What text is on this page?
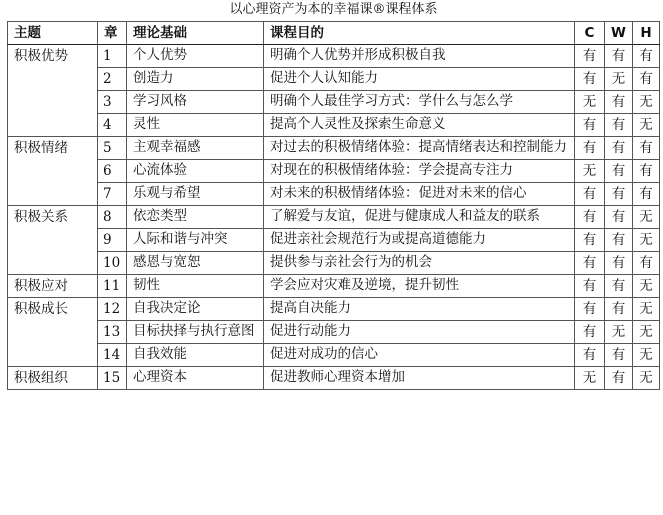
以心理资产为本的幸福课®课程体系
主题	章	理论基础	课程目的	C	W	H
积极优势	1	个人优势	明确个人优势并形成积极自我	有	有	有
	2	创造力	促进个人认知能力	有	无	有
	3	学习风格	明确个人最佳学习方式：学什么与怎么学	无	有	无
	4	灵性	提高个人灵性及探索生命意义	有	有	无
积极情绪	5	主观幸福感	对过去的积极情绪体验：提高情绪表达和控制能力	有	有	有
	6	心流体验	对现在的积极情绪体验：学会提高专注力	无	有	有
	7	乐观与希望	对未来的积极情绪体验：促进对未来的信心	有	有	有
积极关系	8	依恋类型	了解爱与友谊，促进与健康成人和益友的联系	有	有	无
	9	人际和谐与冲突	促进亲社会规范行为或提高道德能力	有	有	无
	10	感恩与宽恕	提供参与亲社会行为的机会	有	有	有
积极应对	11	韧性	学会应对灾难及逆境，提升韧性	有	有	无
积极成长	12	自我决定论	提高自决能力	有	有	无
	13	目标抉择与执行意图	促进行动能力	有	无	无
	14	自我效能	促进对成功的信心	有	有	无
积极组织	15	心理资本	促进教师心理资本增加	无	有	无
